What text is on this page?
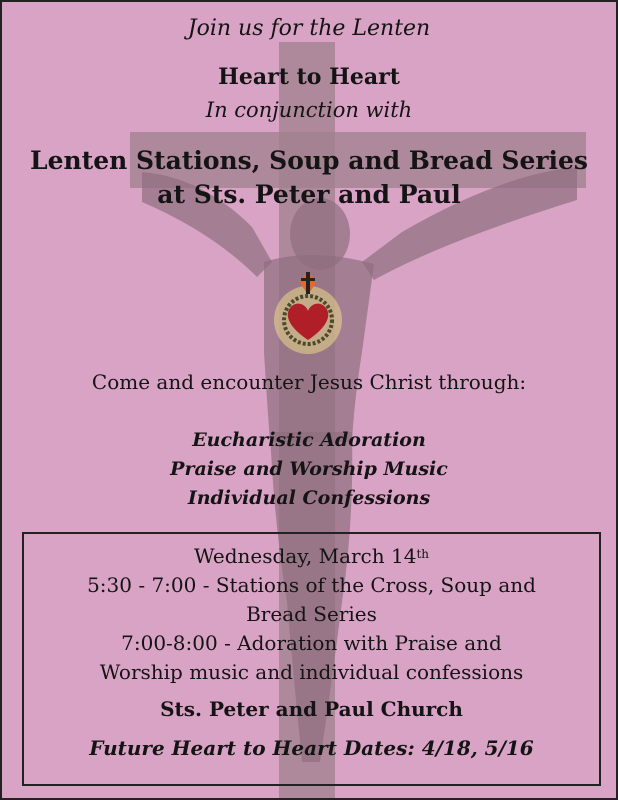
Join us for the Lenten
Heart to Heart
In conjunction with
Lenten Stations, Soup and Bread Series
at Sts. Peter and Paul
Come and encounter Jesus Christ through:
Eucharistic Adoration
Praise and Worship Music
Individual Confessions
Wednesday, March 14th
5:30 - 7:00 - Stations of the Cross, Soup and
Bread Series
7:00-8:00 - Adoration with Praise and
Worship music and individual confessions
Sts. Peter and Paul Church
Future Heart to Heart Dates: 4/18, 5/16
